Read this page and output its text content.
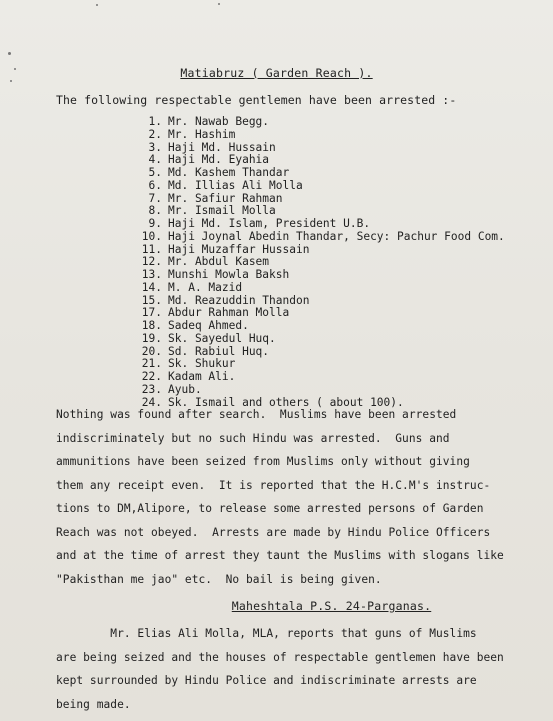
Matiabruz ( Garden Reach ).
The following respectable gentlemen have been arrested :-
1. Mr. Nawab Begg.
2. Mr. Hashim
3. Haji Md. Hussain
4. Haji Md. Eyahia
5. Md. Kashem Thandar
6. Md. Illias Ali Molla
7. Mr. Safiur Rahman
8. Mr. Ismail Molla
9. Haji Md. Islam, President U.B.
10. Haji Joynal Abedin Thandar, Secy: Pachur Food Com.
11. Haji Muzaffar Hussain
12. Mr. Abdul Kasem
13. Munshi Mowla Baksh
14. M. A. Mazid
15. Md. Reazuddin Thandon
17. Abdur Rahman Molla
18. Sadeq Ahmed.
19. Sk. Sayedul Huq.
20. Sd. Rabiul Huq.
21. Sk. Shukur
22. Kadam Ali.
23. Ayub.
24. Sk. Ismail and others ( about 100).
Nothing was found after search.  Muslims have been arrested
indiscriminately but no such Hindu was arrested.  Guns and
ammunitions have been seized from Muslims only without giving
them any receipt even.  It is reported that the H.C.M's instruc-
tions to DM,Alipore, to release some arrested persons of Garden
Reach was not obeyed.  Arrests are made by Hindu Police Officers
and at the time of arrest they taunt the Muslims with slogans like
"Pakisthan me jao" etc.  No bail is being given.
Maheshtala P.S. 24-Parganas.
Mr. Elias Ali Molla, MLA, reports that guns of Muslims
are being seized and the houses of respectable gentlemen have been
kept surrounded by Hindu Police and indiscriminate arrests are
being made.
